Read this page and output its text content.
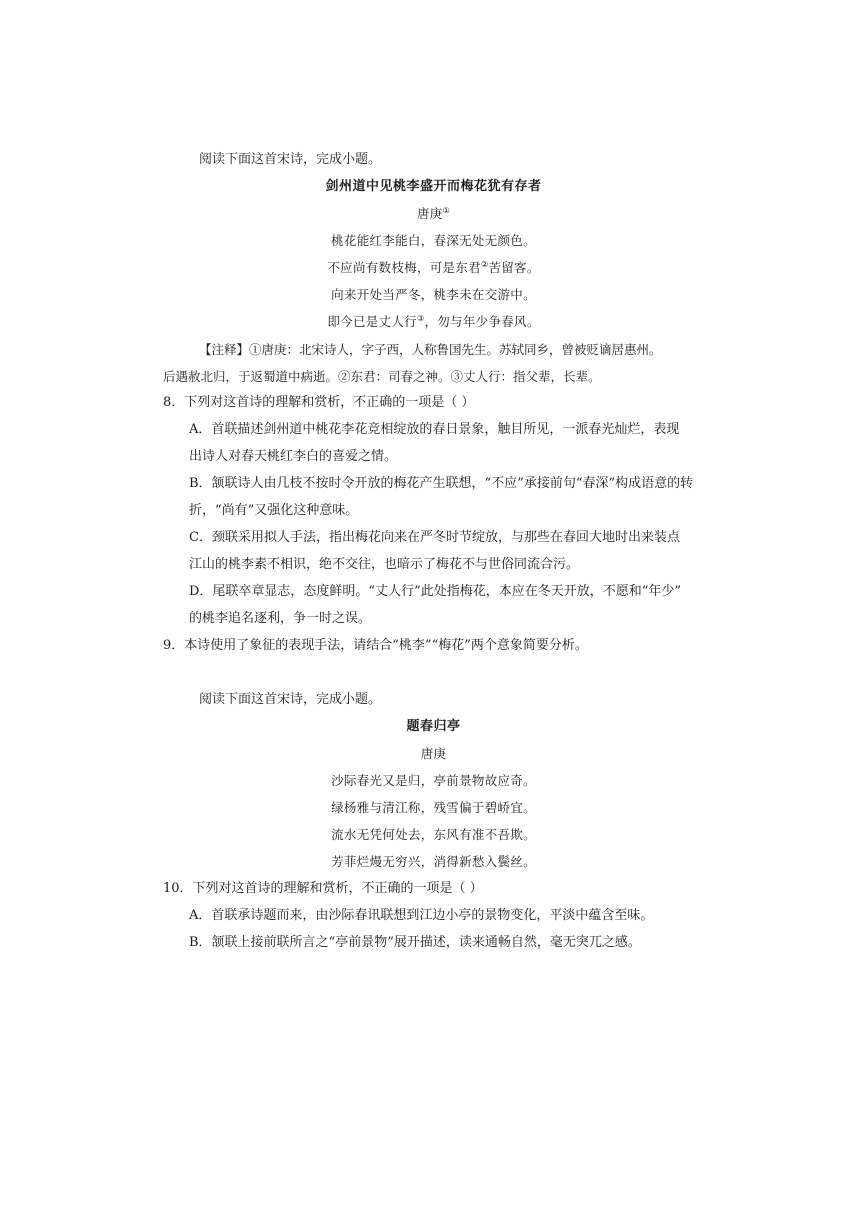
阅读下面这首宋诗，完成小题。
剑州道中见桃李盛开而梅花犹有存者
唐庚①
桃花能红李能白，春深无处无颜色。
不应尚有数枝梅，可是东君②苦留客。
向来开处当严冬，桃李未在交游中。
即今已是丈人行③，勿与年少争春风。
【注释】①唐庚：北宋诗人，字子西，人称鲁国先生。苏轼同乡，曾被贬谪居惠州。
后遇赦北归，于返蜀道中病逝。②东君：司春之神。③丈人行：指父辈，长辈。
8．下列对这首诗的理解和赏析，不正确的一项是（ ）
A．首联描述剑州道中桃花李花竞相绽放的春日景象，触目所见，一派春光灿烂，表现
出诗人对春天桃红李白的喜爱之情。
B．颔联诗人由几枝不按时令开放的梅花产生联想，“不应”承接前句“春深”构成语意的转
折，“尚有”又强化这种意味。
C．颈联采用拟人手法，指出梅花向来在严冬时节绽放，与那些在春回大地时出来装点
江山的桃李素不相识，绝不交往，也暗示了梅花不与世俗同流合污。
D．尾联卒章显志，态度鲜明。“丈人行”此处指梅花，本应在冬天开放，不愿和“年少”
的桃李追名逐利，争一时之误。
9．本诗使用了象征的表现手法，请结合“桃李”“梅花”两个意象简要分析。
阅读下面这首宋诗，完成小题。
题春归亭
唐庚
沙际春光又是归，亭前景物故应奇。
绿杨雅与清江称，残雪偏于碧峤宜。
流水无凭何处去，东风有准不吾欺。
芳菲烂熳无穷兴，消得新愁入鬓丝。
10．下列对这首诗的理解和赏析，不正确的一项是（ ）
A．首联承诗题而来，由沙际春讯联想到江边小亭的景物变化，平淡中蕴含至味。
B．颔联上接前联所言之“亭前景物”展开描述，读来通畅自然，毫无突兀之感。
